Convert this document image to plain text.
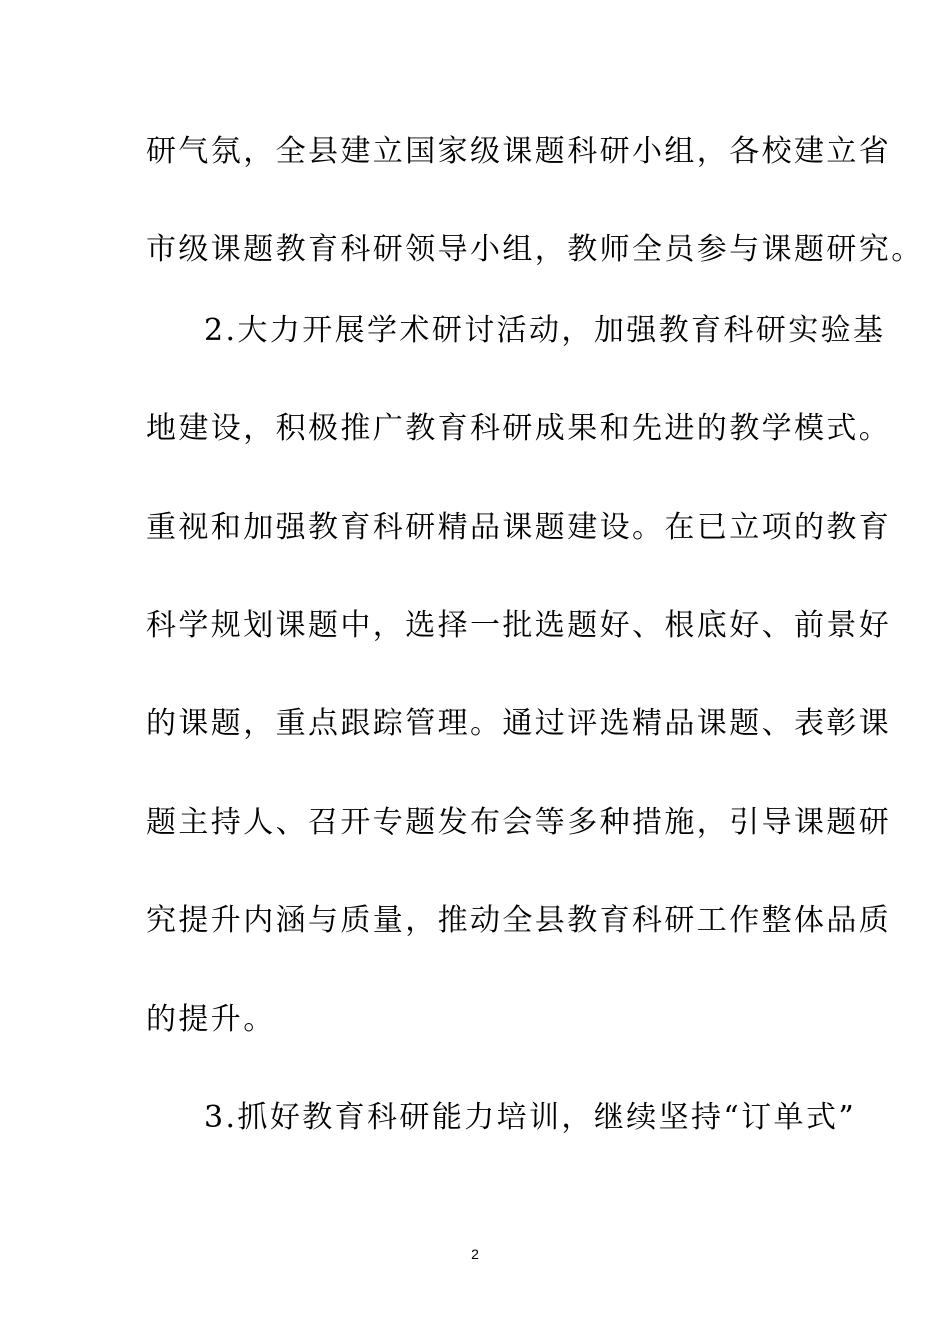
研气氛，全县建立国家级课题科研小组，各校建立省
市级课题教育科研领导小组，教师全员参与课题研究。
2.大力开展学术研讨活动，加强教育科研实验基
地建设，积极推广教育科研成果和先进的教学模式。
重视和加强教育科研精品课题建设。在已立项的教育
科学规划课题中，选择一批选题好、根底好、前景好
的课题，重点跟踪管理。通过评选精品课题、表彰课
题主持人、召开专题发布会等多种措施，引导课题研
究提升内涵与质量，推动全县教育科研工作整体品质
的提升。
3.抓好教育科研能力培训，继续坚持“订单式”
2
